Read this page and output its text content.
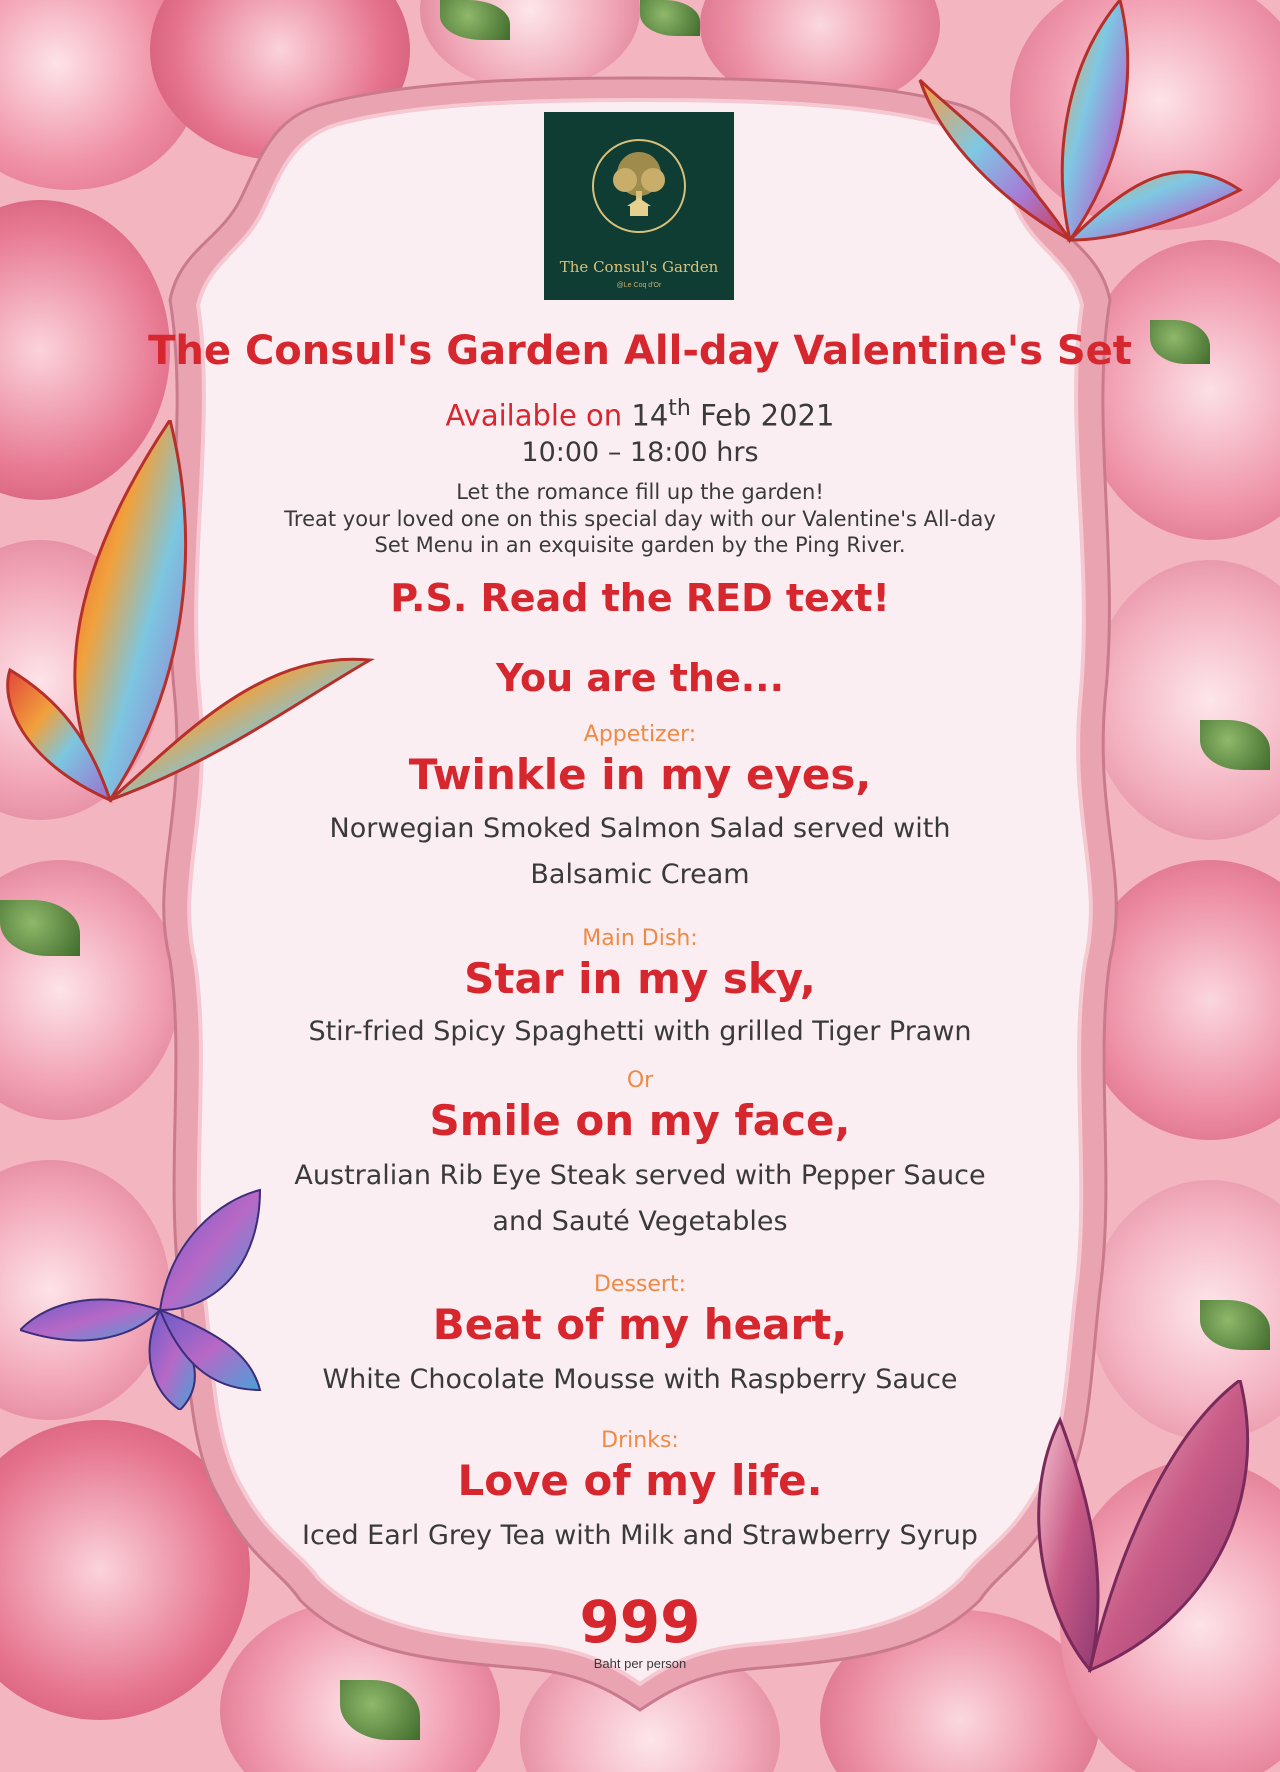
The Consul's Garden
@Le Coq d'Or
The Consul's Garden All-day Valentine's Set
Available on 14th Feb 2021
10:00 – 18:00 hrs
Let the romance fill up the garden!
Treat your loved one on this special day with our Valentine's All-day
Set Menu in an exquisite garden by the Ping River.
P.S. Read the RED text!
You are the...
Appetizer:
Twinkle in my eyes,
Norwegian Smoked Salmon Salad served with
Balsamic Cream
Main Dish:
Star in my sky,
Stir-fried Spicy Spaghetti with grilled Tiger Prawn
Or
Smile on my face,
Australian Rib Eye Steak served with Pepper Sauce
and Sauté Vegetables
Dessert:
Beat of my heart,
White Chocolate Mousse with Raspberry Sauce
Drinks:
Love of my life.
Iced Earl Grey Tea with Milk and Strawberry Syrup
999
Baht per person
